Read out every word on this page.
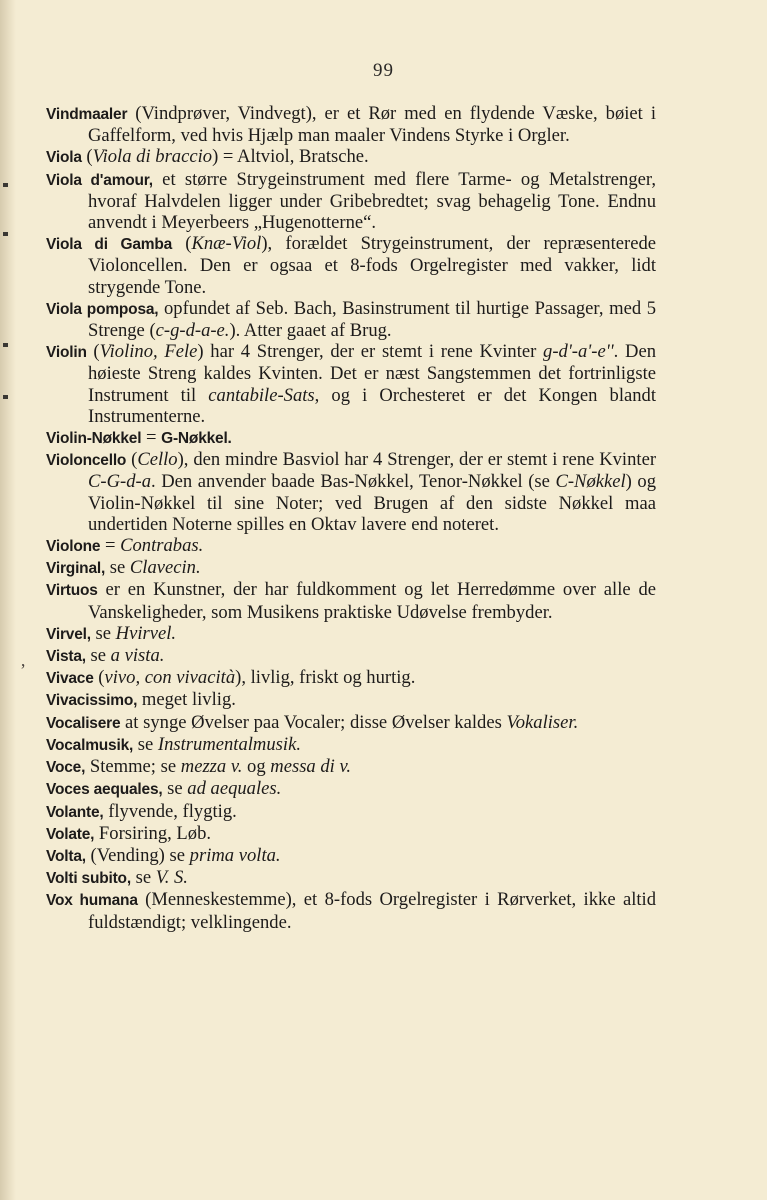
ʼ
99

Vindmaaler (Vindprøver, Vindvegt), er et Rør med en flydende Væske, bøiet i Gaffelform, ved hvis Hjælp man maaler Vindens Styrke i Orgler.

Viola (Viola di braccio) = Altviol, Bratsche.

Viola d'amour, et større Strygeinstrument med flere Tarme- og Metalstrenger, hvoraf Halvdelen ligger under Gribebredtet; svag behagelig Tone. Endnu anvendt i Meyerbeers „Hugenotterne“.

Viola di Gamba (Knæ-Viol), forældet Strygeinstrument, der repræsenterede Violoncellen. Den er ogsaa et 8-fods Orgelregister med vakker, lidt strygende Tone.

Viola pomposa, opfundet af Seb. Bach, Basinstrument til hurtige Passager, med 5 Strenge (c-g-d-a-e.). Atter gaaet af Brug.

Violin (Violino, Fele) har 4 Strenger, der er stemt i rene Kvinter g-d'-a'-e''. Den høieste Streng kaldes Kvinten. Det er næst Sangstemmen det fortrinligste Instrument til cantabile-Sats, og i Orchesteret er det Kongen blandt Instrumenterne.

Violin-Nøkkel = G-Nøkkel.

Violoncello (Cello), den mindre Basviol har 4 Strenger, der er stemt i rene Kvinter C-G-d-a. Den anvender baade Bas-Nøkkel, Tenor-Nøkkel (se C-Nøkkel) og Violin-Nøkkel til sine Noter; ved Brugen af den sidste Nøkkel maa undertiden Noterne spilles en Oktav lavere end noteret.

Violone = Contrabas.

Virginal, se Clavecin.

Virtuos er en Kunstner, der har fuldkomment og let Herredømme over alle de Vanskeligheder, som Musikens praktiske Udøvelse frembyder.

Virvel, se Hvirvel.

Vista, se a vista.

Vivace (vivo, con vivacità), livlig, friskt og hurtig.

Vivacissimo, meget livlig.

Vocalisere at synge Øvelser paa Vocaler; disse Øvelser kaldes Vokaliser.

Vocalmusik, se Instrumentalmusik.

Voce, Stemme; se mezza v. og messa di v.

Voces aequales, se ad aequales.

Volante, flyvende, flygtig.

Volate, Forsiring, Løb.

Volta, (Vending) se prima volta.

Volti subito, se V. S.

Vox humana (Menneskestemme), et 8-fods Orgelregister i Rørverket, ikke altid fuldstændigt; velklingende.
